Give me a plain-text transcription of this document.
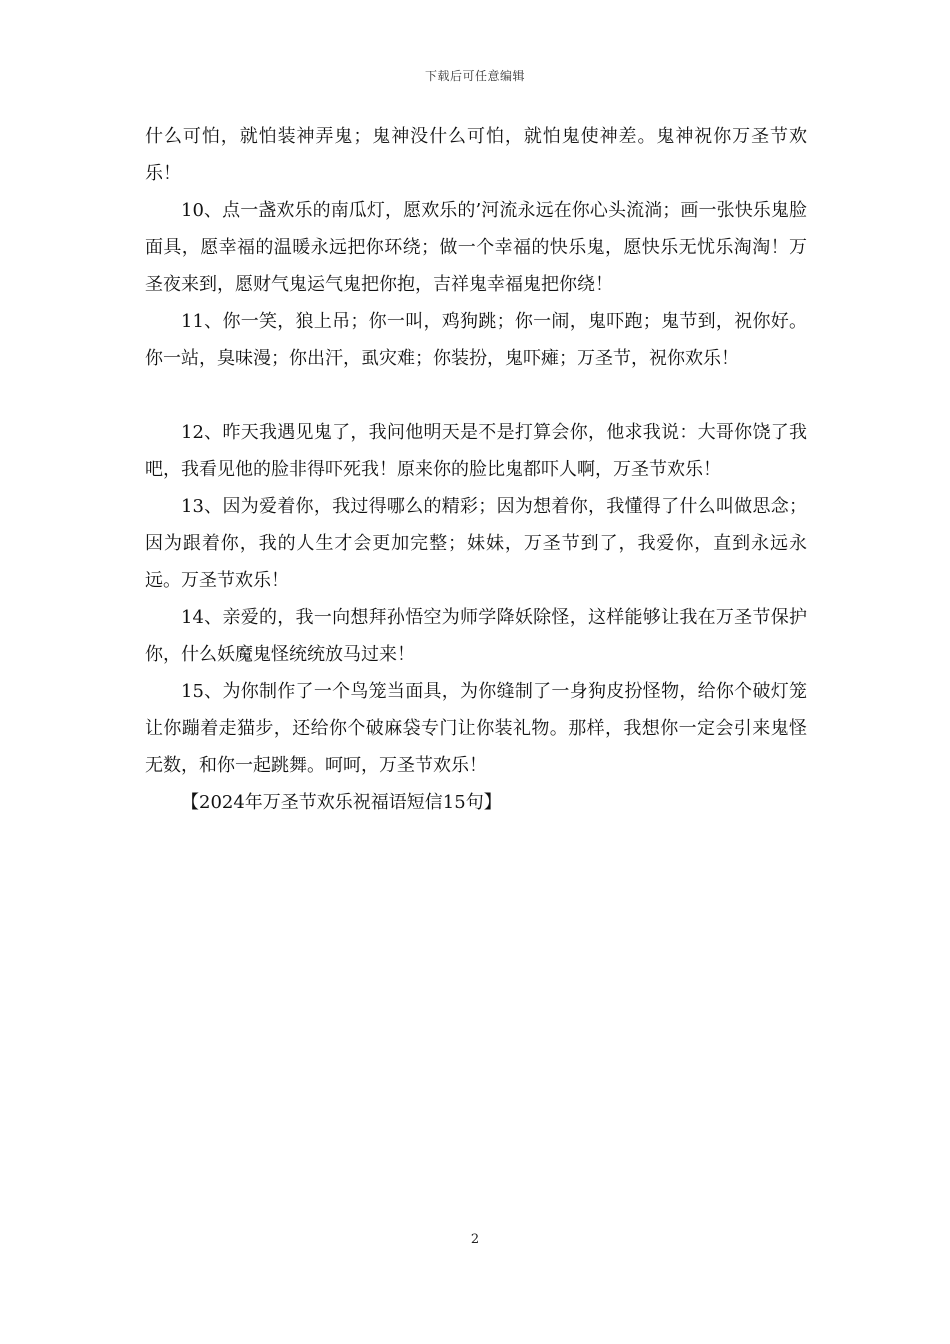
下载后可任意编辑

什么可怕，就怕装神弄鬼；鬼神没什么可怕，就怕鬼使神差。鬼神祝你万圣节欢乐！

10、点一盏欢乐的南瓜灯，愿欢乐的’河流永远在你心头流淌；画一张快乐鬼脸面具，愿幸福的温暖永远把你环绕；做一个幸福的快乐鬼，愿快乐无忧乐淘淘！万圣夜来到，愿财气鬼运气鬼把你抱，吉祥鬼幸福鬼把你绕！

11、你一笑，狼上吊；你一叫，鸡狗跳；你一闹，鬼吓跑；鬼节到，祝你好。你一站，臭味漫；你出汗，虱灾难；你装扮，鬼吓瘫；万圣节，祝你欢乐！

12、昨天我遇见鬼了，我问他明天是不是打算会你，他求我说：大哥你饶了我吧，我看见他的脸非得吓死我！原来你的脸比鬼都吓人啊，万圣节欢乐！

13、因为爱着你，我过得哪么的精彩；因为想着你，我懂得了什么叫做思念；因为跟着你，我的人生才会更加完整；妹妹，万圣节到了，我爱你，直到永远永远。万圣节欢乐！

14、亲爱的，我一向想拜孙悟空为师学降妖除怪，这样能够让我在万圣节保护你，什么妖魔鬼怪统统放马过来！

15、为你制作了一个鸟笼当面具，为你缝制了一身狗皮扮怪物，给你个破灯笼让你蹦着走猫步，还给你个破麻袋专门让你装礼物。那样，我想你一定会引来鬼怪无数，和你一起跳舞。呵呵，万圣节欢乐！

【2024年万圣节欢乐祝福语短信15句】

2
